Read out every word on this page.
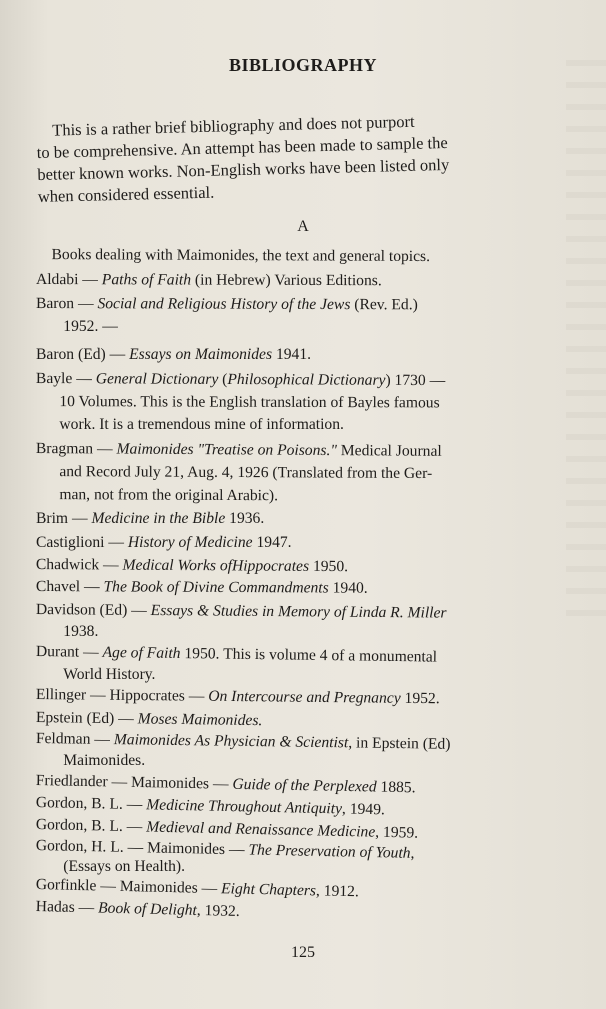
BIBLIOGRAPHY
This is a rather brief bibliography and does not purport
to be comprehensive. An attempt has been made to sample the
better known works. Non-English works have been listed only
when considered essential.
A
Books dealing with Maimonides, the text and general topics.
Aldabi — Paths of Faith (in Hebrew) Various Editions.
Baron — Social and Religious History of the Jews (Rev. Ed.)
1952. —
Baron (Ed) — Essays on Maimonides 1941.
Bayle — General Dictionary (Philosophical Dictionary) 1730 —
10 Volumes. This is the English translation of Bayles famous
work. It is a tremendous mine of information.
Bragman — Maimonides "Treatise on Poisons." Medical Journal
and Record July 21, Aug. 4, 1926 (Translated from the Ger-
man, not from the original Arabic).
Brim — Medicine in the Bible 1936.
Castiglioni — History of Medicine 1947.
Chadwick — Medical Works ofHippocrates 1950.
Chavel — The Book of Divine Commandments 1940.
Davidson (Ed) — Essays & Studies in Memory of Linda R. Miller
1938.
Durant — Age of Faith 1950. This is volume 4 of a monumental
World History.
Ellinger — Hippocrates — On Intercourse and Pregnancy 1952.
Epstein (Ed) — Moses Maimonides.
Feldman — Maimonides As Physician & Scientist, in Epstein (Ed)
Maimonides.
Friedlander — Maimonides — Guide of the Perplexed 1885.
Gordon, B. L. — Medicine Throughout Antiquity, 1949.
Gordon, B. L. — Medieval and Renaissance Medicine, 1959.
Gordon, H. L. — Maimonides — The Preservation of Youth,
(Essays on Health).
Gorfinkle — Maimonides — Eight Chapters, 1912.
Hadas — Book of Delight, 1932.
125
